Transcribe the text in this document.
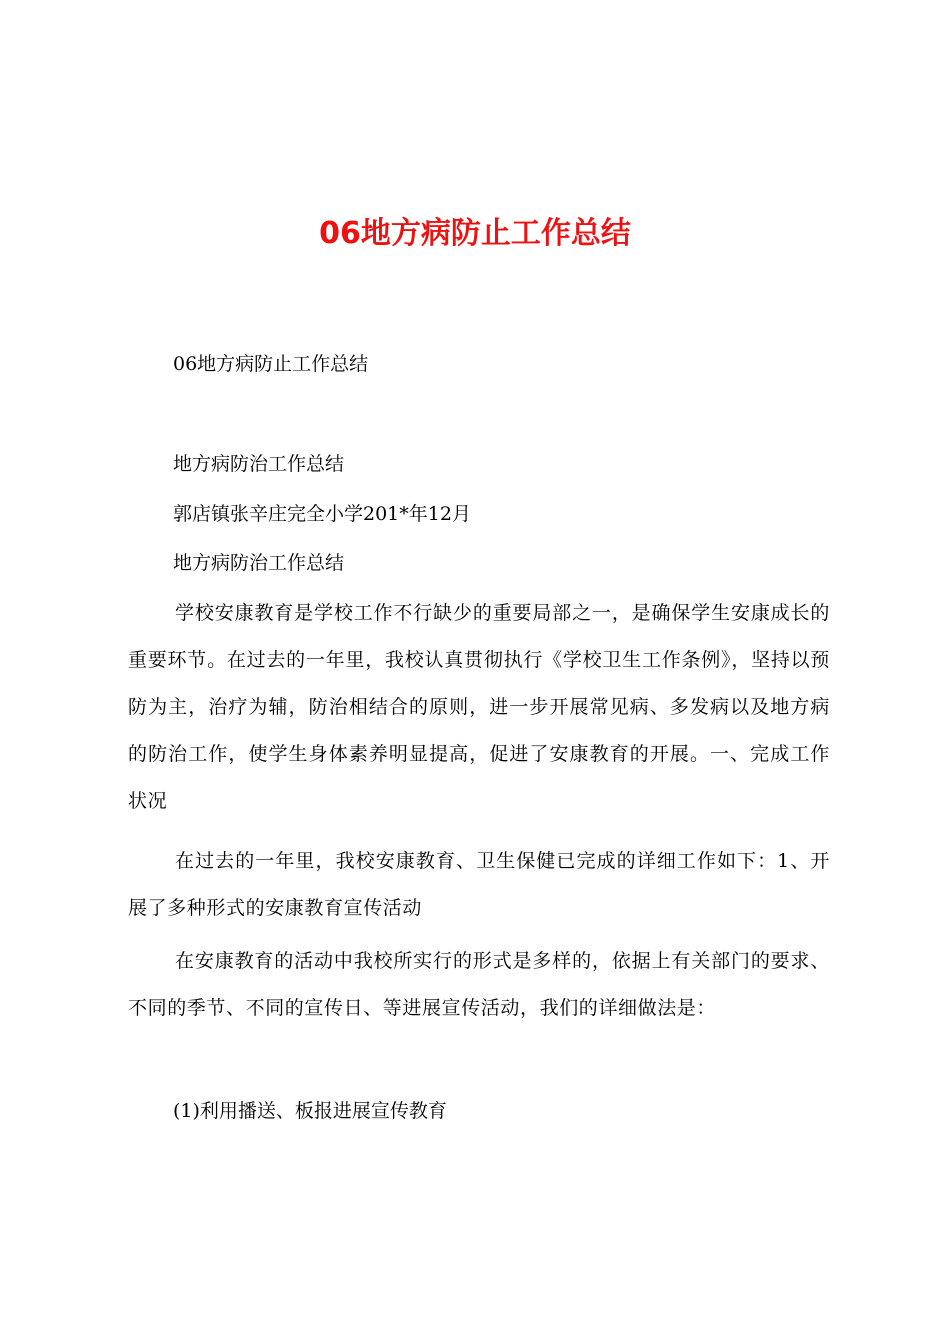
06地方病防止工作总结
06地方病防止工作总结
地方病防治工作总结
郭店镇张辛庄完全小学201*年12月
地方病防治工作总结
学校安康教育是学校工作不行缺少的重要局部之一，是确保学生安康成长的重要环节。在过去的一年里，我校认真贯彻执行《学校卫生工作条例》，坚持以预防为主，治疗为辅，防治相结合的原则，进一步开展常见病、多发病以及地方病的防治工作，使学生身体素养明显提高，促进了安康教育的开展。一、完成工作状况
在过去的一年里，我校安康教育、卫生保健已完成的详细工作如下：1、开展了多种形式的安康教育宣传活动
在安康教育的活动中我校所实行的形式是多样的，依据上有关部门的要求、不同的季节、不同的宣传日、等进展宣传活动，我们的详细做法是：
(1)利用播送、板报进展宣传教育
